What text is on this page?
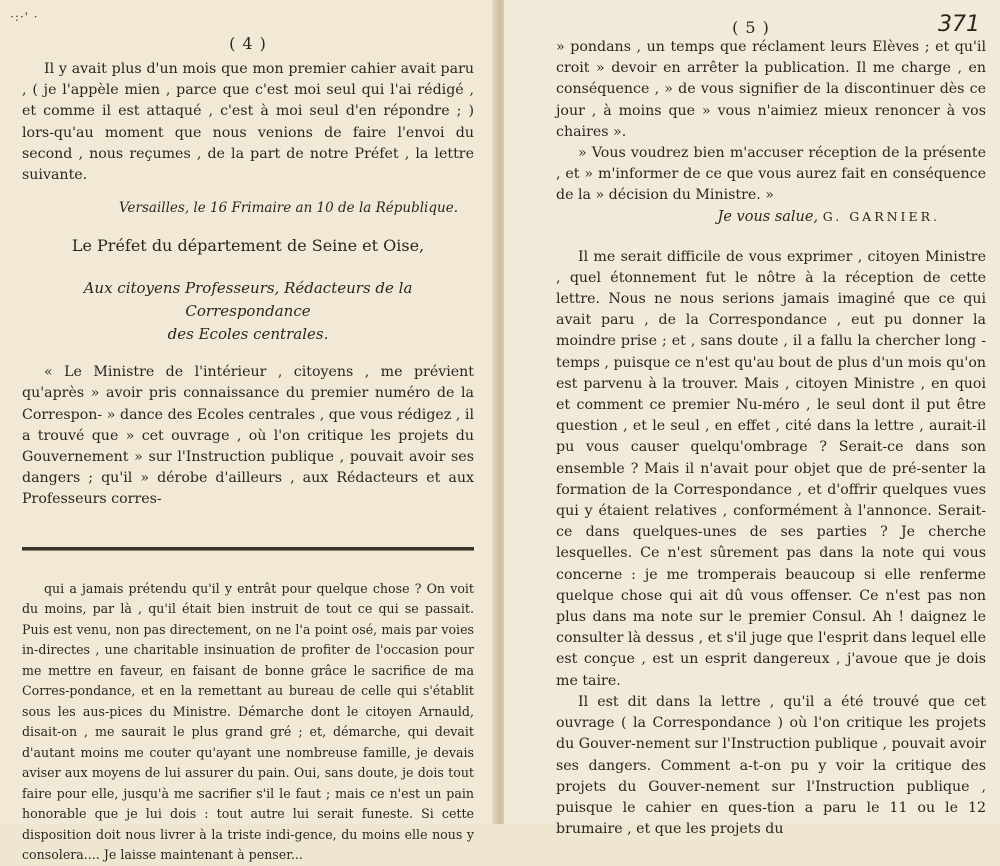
·:·' ·
( 4 )

Il y avait plus d'un mois que mon premier cahier avait paru , ( je l'appèle mien , parce que c'est moi seul qui l'ai rédigé , et comme il est attaqué , c'est à moi seul d'en répondre ; ) lors-qu'au moment que nous venions de faire l'envoi du second , nous reçumes , de la part de notre Préfet , la lettre suivante.

Versailles, le 16 Frimaire an 10 de la République.
Le Préfet du département de Seine et Oise,
Aux citoyens Professeurs, Rédacteurs de la Correspondance
des Ecoles centrales.

« Le Ministre de l'intérieur , citoyens , me prévient qu'après » avoir pris connaissance du premier numéro de la Correspon- » dance des Ecoles centrales , que vous rédigez , il a trouvé que » cet ouvrage , où l'on critique les projets du Gouvernement » sur l'Instruction publique , pouvait avoir ses dangers ; qu'il » dérobe d'ailleurs , aux Rédacteurs et aux Professeurs corres-

qui a jamais prétendu qu'il y entrât pour quelque chose ? On voit du moins, par là , qu'il était bien instruit de tout ce qui se passait. Puis est venu, non pas directement, on ne l'a point osé, mais par voies in-directes , une charitable insinuation de profiter de l'occasion pour me mettre en faveur, en faisant de bonne grâce le sacrifice de ma Corres-pondance, et en la remettant au bureau de celle qui s'établit sous les aus-pices du Ministre. Démarche dont le citoyen Arnauld, disait-on , me saurait le plus grand gré ; et, démarche, qui devait d'autant moins me couter qu'ayant une nombreuse famille, je devais aviser aux moyens de lui assurer du pain. Oui, sans doute, je dois tout faire pour elle, jusqu'à me sacrifier s'il le faut ; mais ce n'est un pain honorable que je lui dois : tout autre lui serait funeste. Si cette disposition doit nous livrer à la triste indi-gence, du moins elle nous y consolera.... Je laisse maintenant à penser...

371
( 5 )

» pondans , un temps que réclament leurs Elèves ; et qu'il croit » devoir en arrêter la publication. Il me charge , en conséquence , » de vous signifier de la discontinuer dès ce jour , à moins que » vous n'aimiez mieux renoncer à vos chaires ».

» Vous voudrez bien m'accuser réception de la présente , et » m'informer de ce que vous aurez fait en conséquence de la » décision du Ministre. »

Je vous salue, G. GARNIER.

Il me serait difficile de vous exprimer , citoyen Ministre , quel étonnement fut le nôtre à la réception de cette lettre. Nous ne nous serions jamais imaginé que ce qui avait paru , de la Correspondance , eut pu donner la moindre prise ; et , sans doute , il a fallu la chercher long - temps , puisque ce n'est qu'au bout de plus d'un mois qu'on est parvenu à la trouver. Mais , citoyen Ministre , en quoi et comment ce premier Nu-méro , le seul dont il put être question , et le seul , en effet , cité dans la lettre , aurait-il pu vous causer quelqu'ombrage ? Serait-ce dans son ensemble ? Mais il n'avait pour objet que de pré-senter la formation de la Correspondance , et d'offrir quelques vues qui y étaient relatives , conformément à l'annonce. Serait-ce dans quelques-unes de ses parties ? Je cherche lesquelles. Ce n'est sûrement pas dans la note qui vous concerne : je me tromperais beaucoup si elle renferme quelque chose qui ait dû vous offenser. Ce n'est pas non plus dans ma note sur le premier Consul. Ah ! daignez le consulter là dessus , et s'il juge que l'esprit dans lequel elle est conçue , est un esprit dangereux , j'avoue que je dois me taire.

Il est dit dans la lettre , qu'il a été trouvé que cet ouvrage ( la Correspondance ) où l'on critique les projets du Gouver-nement sur l'Instruction publique , pouvait avoir ses dangers. Comment a-t-on pu y voir la critique des projets du Gouver-nement sur l'Instruction publique , puisque le cahier en ques-tion a paru le 11 ou le 12 brumaire , et que les projets du
